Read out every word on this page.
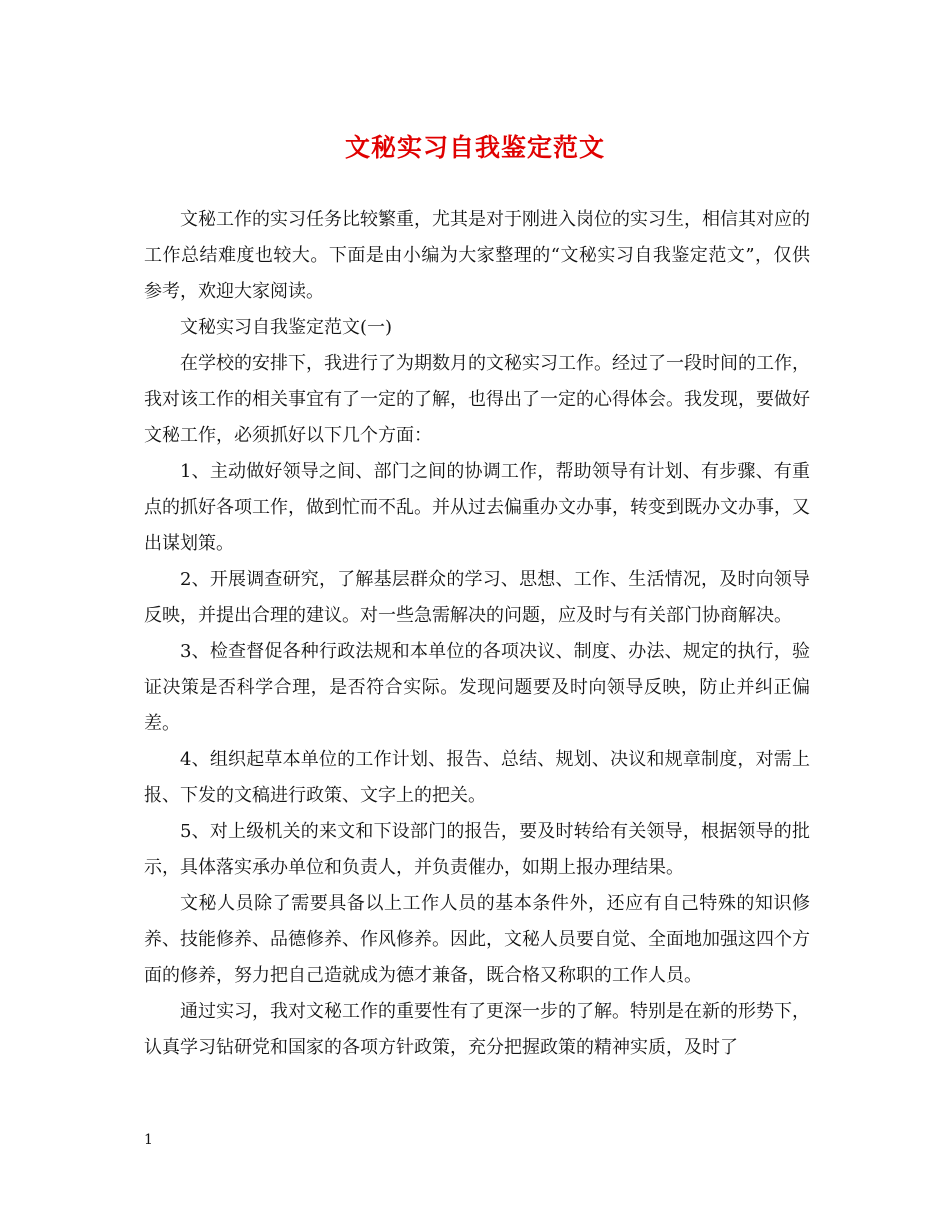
文秘实习自我鉴定范文

文秘工作的实习任务比较繁重，尤其是对于刚进入岗位的实习生，相信其对应的工作总结难度也较大。下面是由小编为大家整理的“文秘实习自我鉴定范文”，仅供参考，欢迎大家阅读。

文秘实习自我鉴定范文(一)

在学校的安排下，我进行了为期数月的文秘实习工作。经过了一段时间的工作，我对该工作的相关事宜有了一定的了解，也得出了一定的心得体会。我发现，要做好文秘工作，必须抓好以下几个方面：

1、主动做好领导之间、部门之间的协调工作，帮助领导有计划、有步骤、有重点的抓好各项工作，做到忙而不乱。并从过去偏重办文办事，转变到既办文办事，又出谋划策。

2、开展调查研究，了解基层群众的学习、思想、工作、生活情况，及时向领导反映，并提出合理的建议。对一些急需解决的问题，应及时与有关部门协商解决。

3、检查督促各种行政法规和本单位的各项决议、制度、办法、规定的执行，验证决策是否科学合理，是否符合实际。发现问题要及时向领导反映，防止并纠正偏差。

4、组织起草本单位的工作计划、报告、总结、规划、决议和规章制度，对需上报、下发的文稿进行政策、文字上的把关。

5、对上级机关的来文和下设部门的报告，要及时转给有关领导，根据领导的批示，具体落实承办单位和负责人，并负责催办，如期上报办理结果。

文秘人员除了需要具备以上工作人员的基本条件外，还应有自己特殊的知识修养、技能修养、品德修养、作风修养。因此，文秘人员要自觉、全面地加强这四个方面的修养，努力把自己造就成为德才兼备，既合格又称职的工作人员。

通过实习，我对文秘工作的重要性有了更深一步的了解。特别是在新的形势下，认真学习钻研党和国家的各项方针政策，充分把握政策的精神实质，及时了

1
